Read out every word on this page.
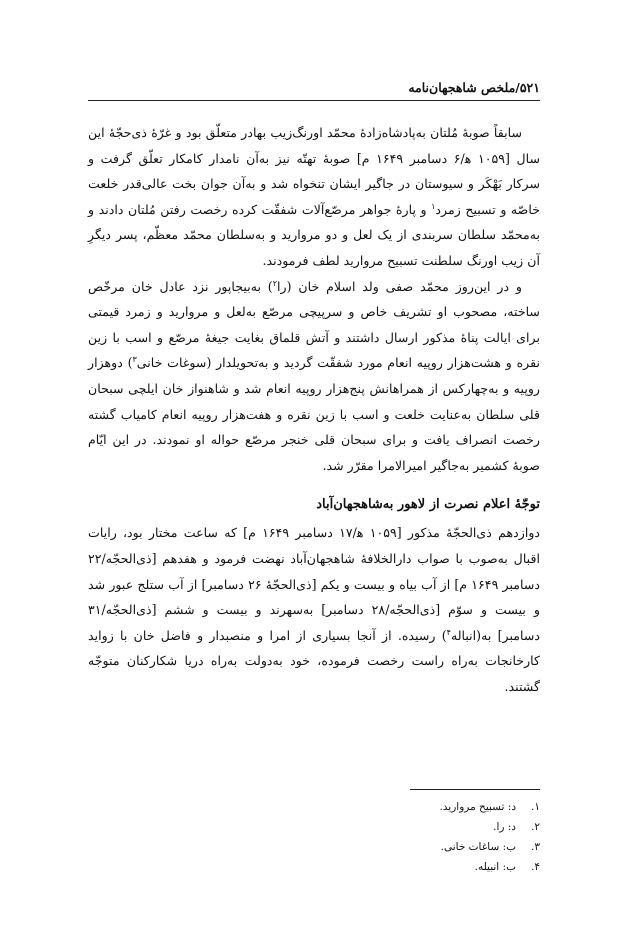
۵۲۱/ملخص شاهجهان‌نامه

سابقاً صوبهٔ مُلتان به‌پادشاه‌زادهٔ محمّد اورنگ‌زیب بهادر متعلّق بود و غرّهٔ ذی‌حجّهٔ این سال [۱۰۵۹ ه‍/۶ دسامبر ۱۶۴۹ م] صوبهٔ تهتّه نیز به‌آن نامدار کامکار تعلّق گرفت و سرکار بَهْکَر و سیوستان در جاگیر ایشان تنخواه شد و به‌آن جوان بخت عالی‌قدر خلعت خاصّه و تسبیح زمرد$^۱$ و پارهٔ جواهر مرصّع‌آلات شفقّت کرده رخصت رفتن مُلتان دادند و به‌محمّد سلطان سربندی از یک لعل و دو مروارید و به‌سلطان محمّد معظّم، پسر دیگرِ آن زیب اورنگ سلطنت تسبیح مروارید لطف فرمودند.

و در این‌روز محمّد صفی ولد اسلام خان (را$^۲$) به‌بیجاپور نزد عادل خان مرخّص ساخته، مصحوب او تشریف خاص و سرپیچی مرصّع به‌لعل و مروارید و زمرد قیمتی برای ایالت پناهٔ مذکور ارسال داشتند و آتش قلماق بغایت جیغهٔ مرصّع و اسب با زین نقره و هشت‌هزار روپیه انعام مورد شفقّت گردید و به‌تحویلدار (سوغات خانی$^۳$) دوهزار روپیه و به‌چهارکس از همراهانش پنج‌هزار روپیه انعام شد و شاهنواز خان ایلچی سبحان قلی سلطان به‌عنایت خلعت و اسب با زین نقره و هفت‌هزار روپیه انعام کامیاب گشته رخصت انصراف یافت و برای سبحان قلی خنجر مرصّع حواله او نمودند. در این ایّام صوبهٔ کشمیر به‌جاگیر امیرالامرا مقرّر شد.

توجّهٔ اعلام نصرت از لاهور به‌شاهجهان‌آباد

دوازدهم ذی‌الحجّهٔ مذکور [۱۰۵۹ ه‍/۱۷ دسامبر ۱۶۴۹ م] که ساعت مختار بود، رایات اقبال به‌صوب با صواب دارالخلافهٔ شاهجهان‌آباد نهضت فرمود و هفدهم [ذی‌الحجّه/۲۲ دسامبر ۱۶۴۹ م] از آب بیاه و بیست و یکم [ذی‌الحجّهٔ ۲۶ دسامبر] از آب ستلج عبور شد و بیست و سوّم [ذی‌الحجّه/۲۸ دسامبر] به‌سهرند و بیست و ششم [ذی‌الحجّه/۳۱ دسامبر] به(انباله$^۴$) رسیده. از آنجا بسیاری از امرا و منصبدار و فاضل خان با زواید کارخانجات به‌راه راست رخصت فرموده، خود به‌دولت به‌راه دریا شکارکنان متوجّه گشتند.

۱.
د: تسبیح مروارید.
۲.
د: را.
۳.
ب: ساغات خانی.
۴.
ب: انبیله.
